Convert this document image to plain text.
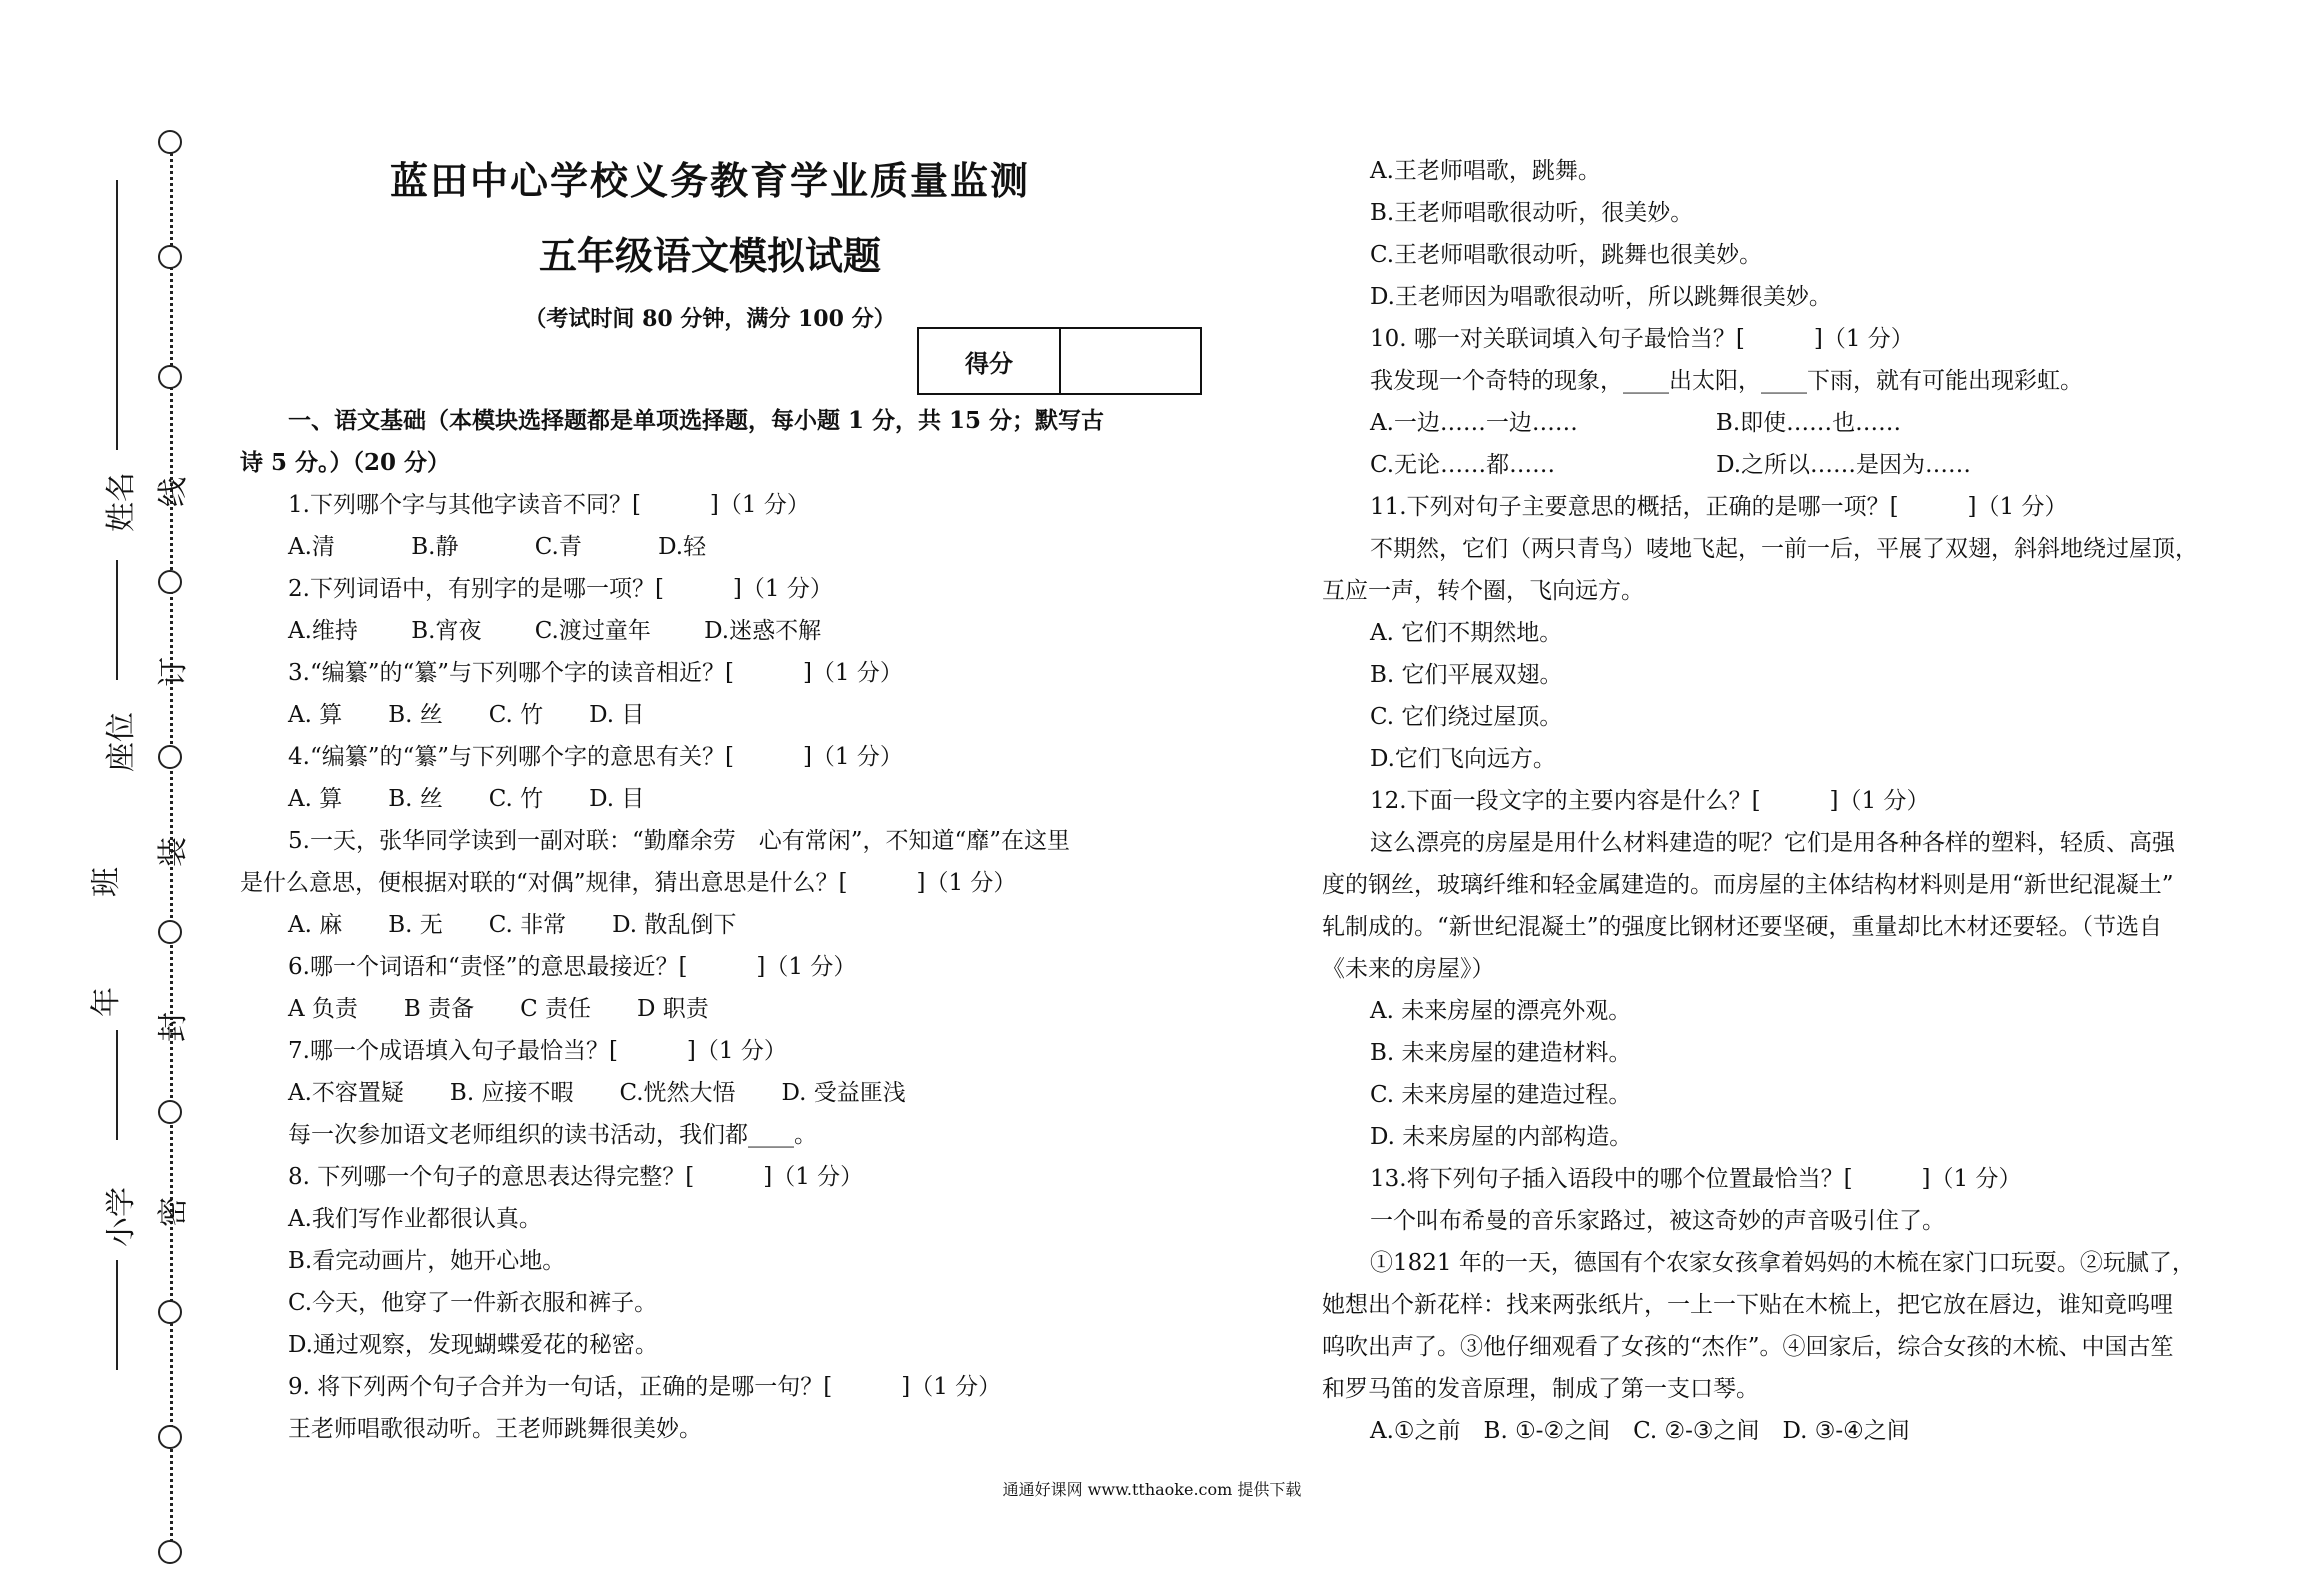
线
订
装
封
密
姓名
座位
班
年
小学
蓝田中心学校义务教育学业质量监测
五年级语文模拟试题
（考试时间 80 分钟，满分 100 分）
得分
一、语文基础（本模块选择题都是单项选择题，每小题 1 分，共 15 分；默写古
诗 5 分。）（20 分）
1.下列哪个字与其他字读音不同？[　　　]（1 分）
A.清　　　 B.静　　　 C.青　　　 D.轻
2.下列词语中，有别字的是哪一项？[　　　]（1 分）
A.维持　　 B.宵夜　　 C.渡过童年　　 D.迷惑不解
3.“编纂”的“纂”与下列哪个字的读音相近？[　　　]（1 分）
A. 算　　B. 丝　　C. 竹　　D. 目
4.“编纂”的“纂”与下列哪个字的意思有关？[　　　]（1 分）
A. 算　　B. 丝　　C. 竹　　D. 目
5.一天，张华同学读到一副对联：“勤靡余劳　心有常闲”，不知道“靡”在这里
是什么意思，便根据对联的“对偶”规律，猜出意思是什么？[　　　]（1 分）
A. 麻　　B. 无　　C. 非常　　D. 散乱倒下
6.哪一个词语和“责怪”的意思最接近？[　　　]（1 分）
A 负责　　B 责备　　C 责任　　D 职责
7.哪一个成语填入句子最恰当？[　　　]（1 分）
A.不容置疑　　B. 应接不暇　　C.恍然大悟　　D. 受益匪浅
每一次参加语文老师组织的读书活动，我们都____。
8. 下列哪一个句子的意思表达得完整？[　　　]（1 分）
A.我们写作业都很认真。
B.看完动画片，她开心地。
C.今天，他穿了一件新衣服和裤子。
D.通过观察，发现蝴蝶爱花的秘密。
9. 将下列两个句子合并为一句话，正确的是哪一句？[　　　]（1 分）
王老师唱歌很动听。王老师跳舞很美妙。
A.王老师唱歌，跳舞。
B.王老师唱歌很动听，很美妙。
C.王老师唱歌很动听，跳舞也很美妙。
D.王老师因为唱歌很动听，所以跳舞很美妙。
10. 哪一对关联词填入句子最恰当？[　　　]（1 分）
我发现一个奇特的现象，____出太阳，____下雨，就有可能出现彩虹。
A.一边……一边……　　　　　　B.即使……也……
C.无论……都……　　　　　　　D.之所以……是因为……
11.下列对句子主要意思的概括，正确的是哪一项？[　　　]（1 分）
不期然，它们（两只青鸟）唛地飞起，一前一后，平展了双翅，斜斜地绕过屋顶，
互应一声，转个圈，飞向远方。
A. 它们不期然地。
B. 它们平展双翅。
C. 它们绕过屋顶。
D.它们飞向远方。
12.下面一段文字的主要内容是什么？[　　　]（1 分）
这么漂亮的房屋是用什么材料建造的呢？它们是用各种各样的塑料，轻质、高强
度的钢丝，玻璃纤维和轻金属建造的。而房屋的主体结构材料则是用“新世纪混凝土”
轧制成的。“新世纪混凝土”的强度比钢材还要坚硬，重量却比木材还要轻。（节选自
《未来的房屋》）
A. 未来房屋的漂亮外观。
B. 未来房屋的建造材料。
C. 未来房屋的建造过程。
D. 未来房屋的内部构造。
13.将下列句子插入语段中的哪个位置最恰当？[　　　]（1 分）
一个叫布希曼的音乐家路过，被这奇妙的声音吸引住了。
①1821 年的一天，德国有个农家女孩拿着妈妈的木梳在家门口玩耍。②玩腻了，
她想出个新花样：找来两张纸片，一上一下贴在木梳上，把它放在唇边，谁知竟呜哩
呜吹出声了。③他仔细观看了女孩的“杰作”。④回家后，综合女孩的木梳、中国古笙
和罗马笛的发音原理，制成了第一支口琴。
A.①之前　B. ①-②之间　C. ②-③之间　D. ③-④之间
通通好课网 www.tthaoke.com 提供下载
